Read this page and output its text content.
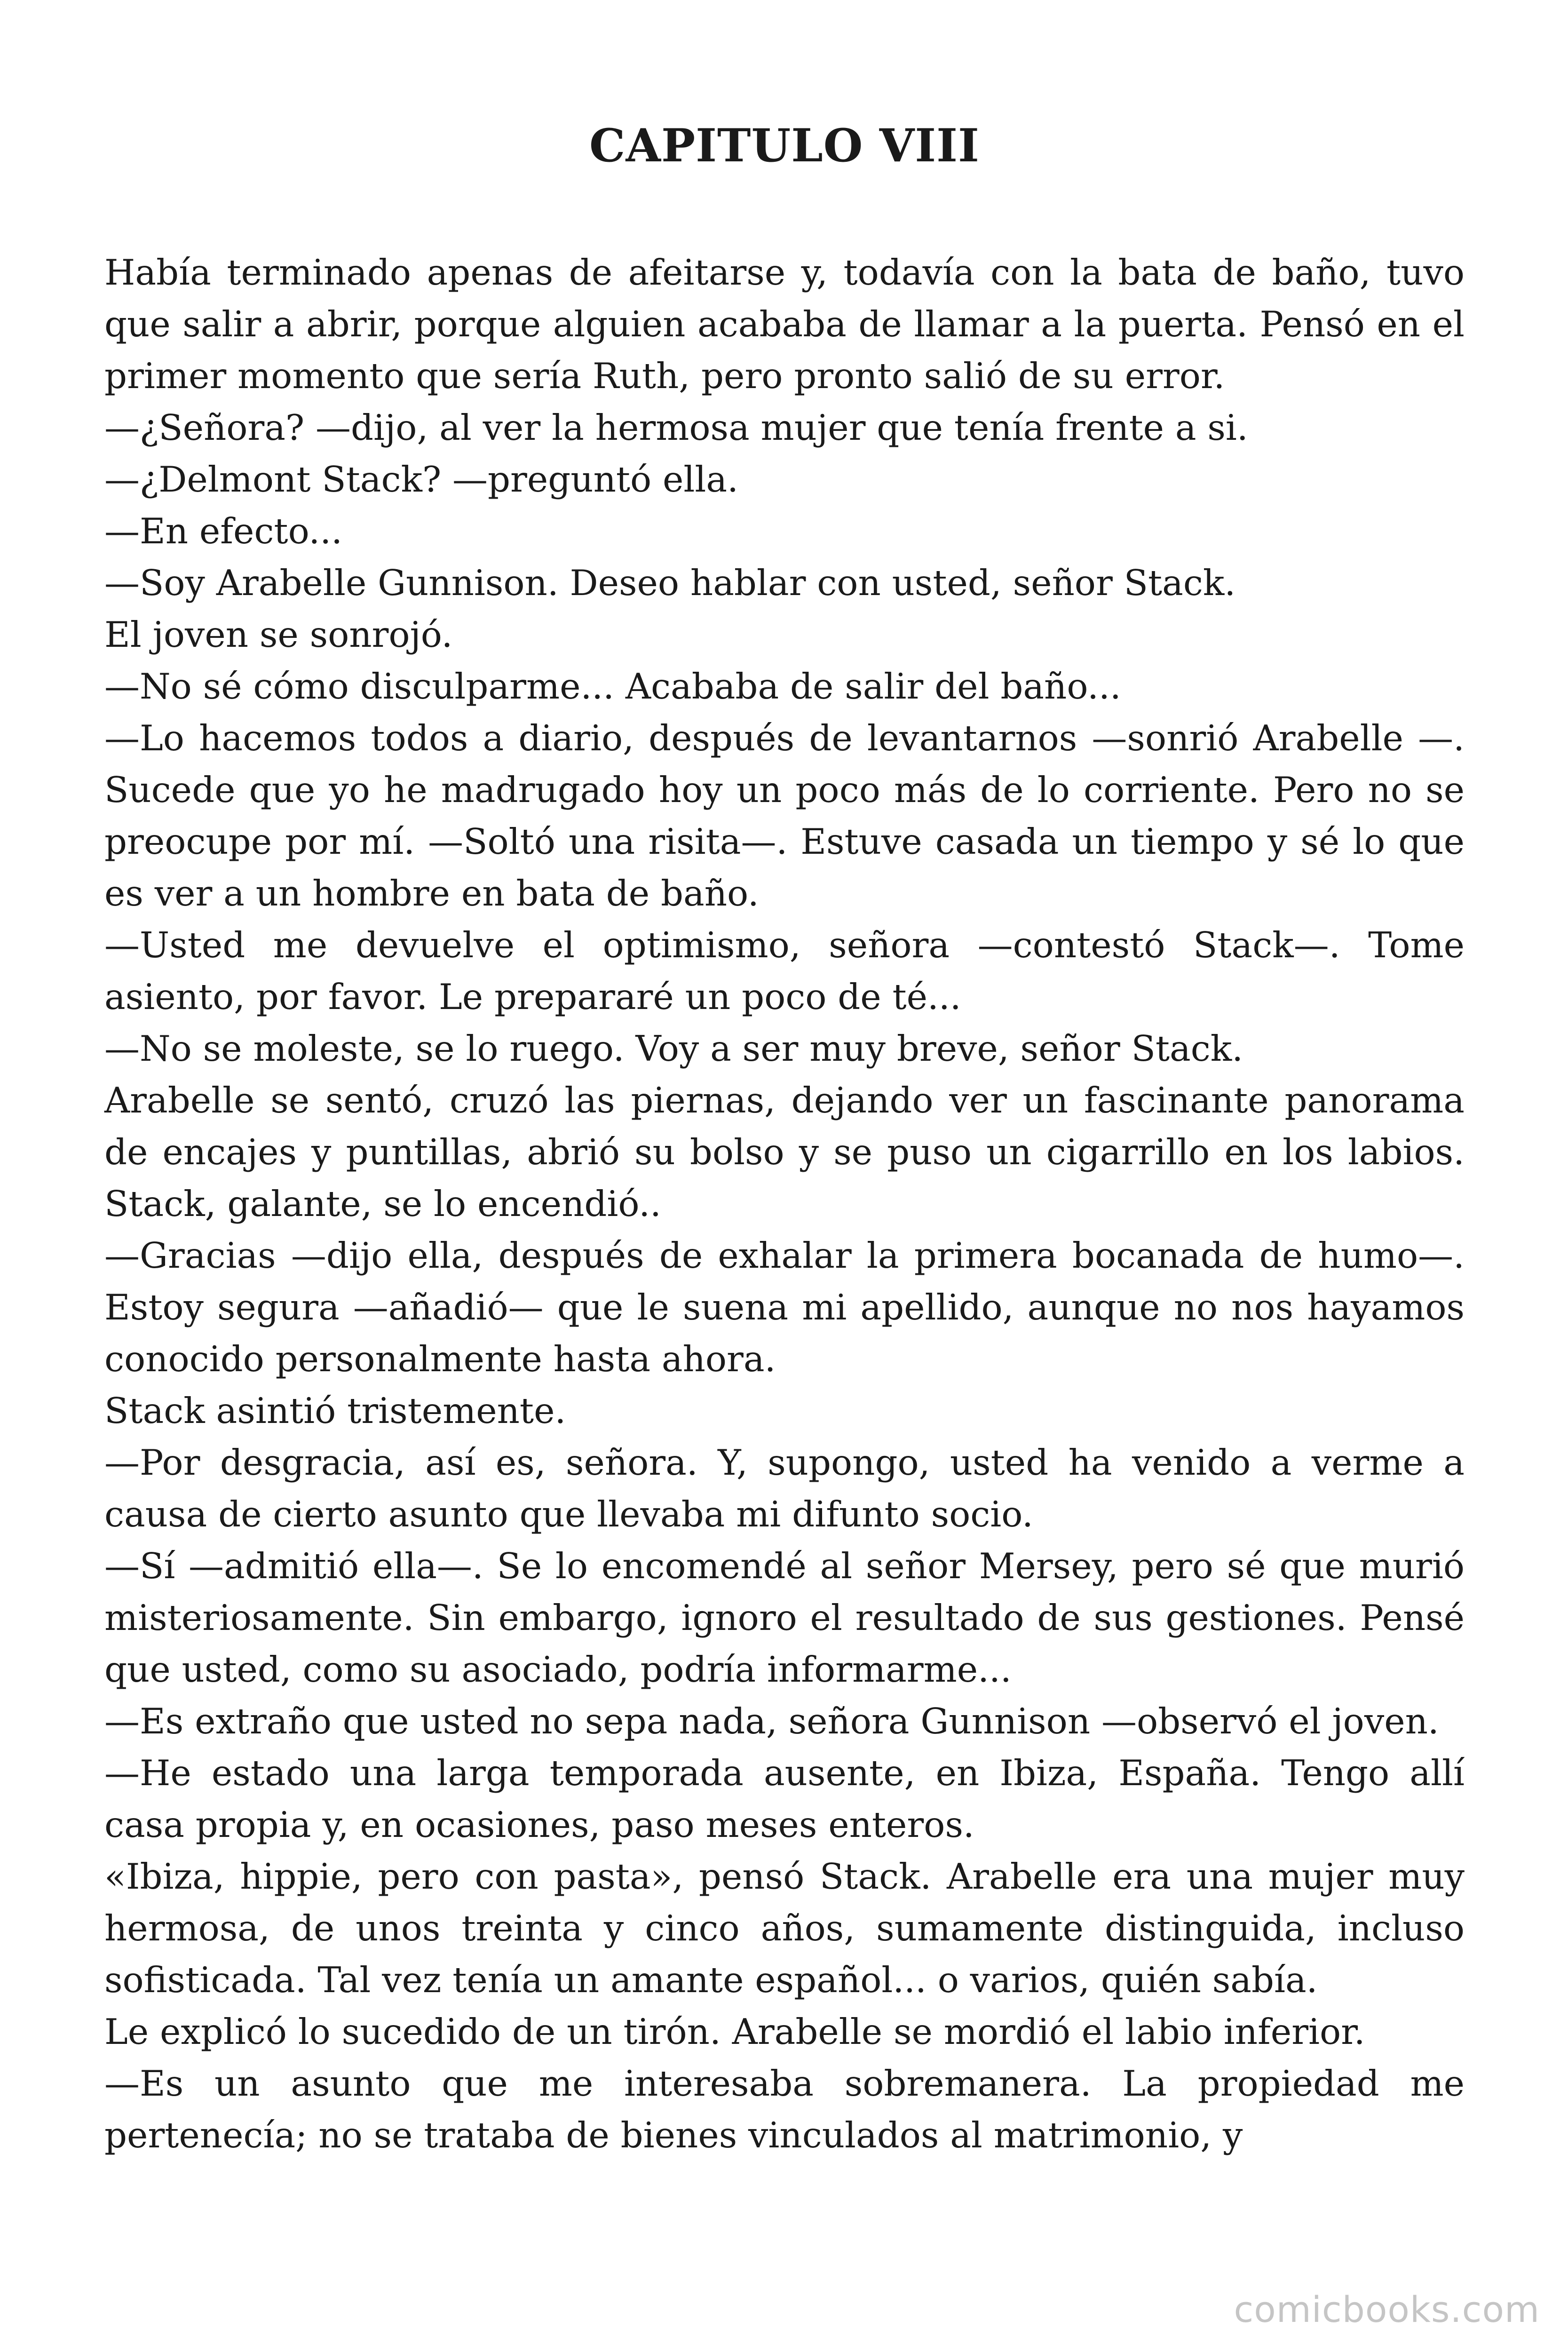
CAPITULO VIII

Había terminado apenas de afeitarse y, todavía con la bata de baño, tuvo que salir a abrir, porque alguien acababa de llamar a la puerta. Pensó en el primer momento que sería Ruth, pero pronto salió de su error.

—¿Señora? —dijo, al ver la hermosa mujer que tenía frente a si.

—¿Delmont Stack? —preguntó ella.

—En efecto...

—Soy Arabelle Gunnison. Deseo hablar con usted, señor Stack.

El joven se sonrojó.

—No sé cómo disculparme... Acababa de salir del baño...

—Lo hacemos todos a diario, después de levantarnos —sonrió Arabelle —. Sucede que yo he madrugado hoy un poco más de lo corriente. Pero no se preocupe por mí. —Soltó una risita—. Estuve casada un tiempo y sé lo que es ver a un hombre en bata de baño.

—Usted me devuelve el optimismo, señora —contestó Stack—. Tome asiento, por favor. Le prepararé un poco de té...

—No se moleste, se lo ruego. Voy a ser muy breve, señor Stack.

Arabelle se sentó, cruzó las piernas, dejando ver un fascinante panorama de encajes y puntillas, abrió su bolso y se puso un cigarrillo en los labios. Stack, galante, se lo encendió..

—Gracias —dijo ella, después de exhalar la primera bocanada de humo—. Estoy segura —añadió— que le suena mi apellido, aunque no nos hayamos conocido personalmente hasta ahora.

Stack asintió tristemente.

—Por desgracia, así es, señora. Y, supongo, usted ha venido a verme a causa de cierto asunto que llevaba mi difunto socio.

—Sí —admitió ella—. Se lo encomendé al señor Mersey, pero sé que murió misteriosamente. Sin embargo, ignoro el resultado de sus gestiones. Pensé que usted, como su asociado, podría informarme...

—Es extraño que usted no sepa nada, señora Gunnison —observó el joven.

—He estado una larga temporada ausente, en Ibiza, España. Tengo allí casa propia y, en ocasiones, paso meses enteros.

«Ibiza, hippie, pero con pasta», pensó Stack. Arabelle era una mujer muy hermosa, de unos treinta y cinco años, sumamente distinguida, incluso sofisticada. Tal vez tenía un amante español... o varios, quién sabía.

Le explicó lo sucedido de un tirón. Arabelle se mordió el labio inferior.

—Es un asunto que me interesaba sobremanera. La propiedad me pertenecía; no se trataba de bienes vinculados al matrimonio, y

comicbooks.com
